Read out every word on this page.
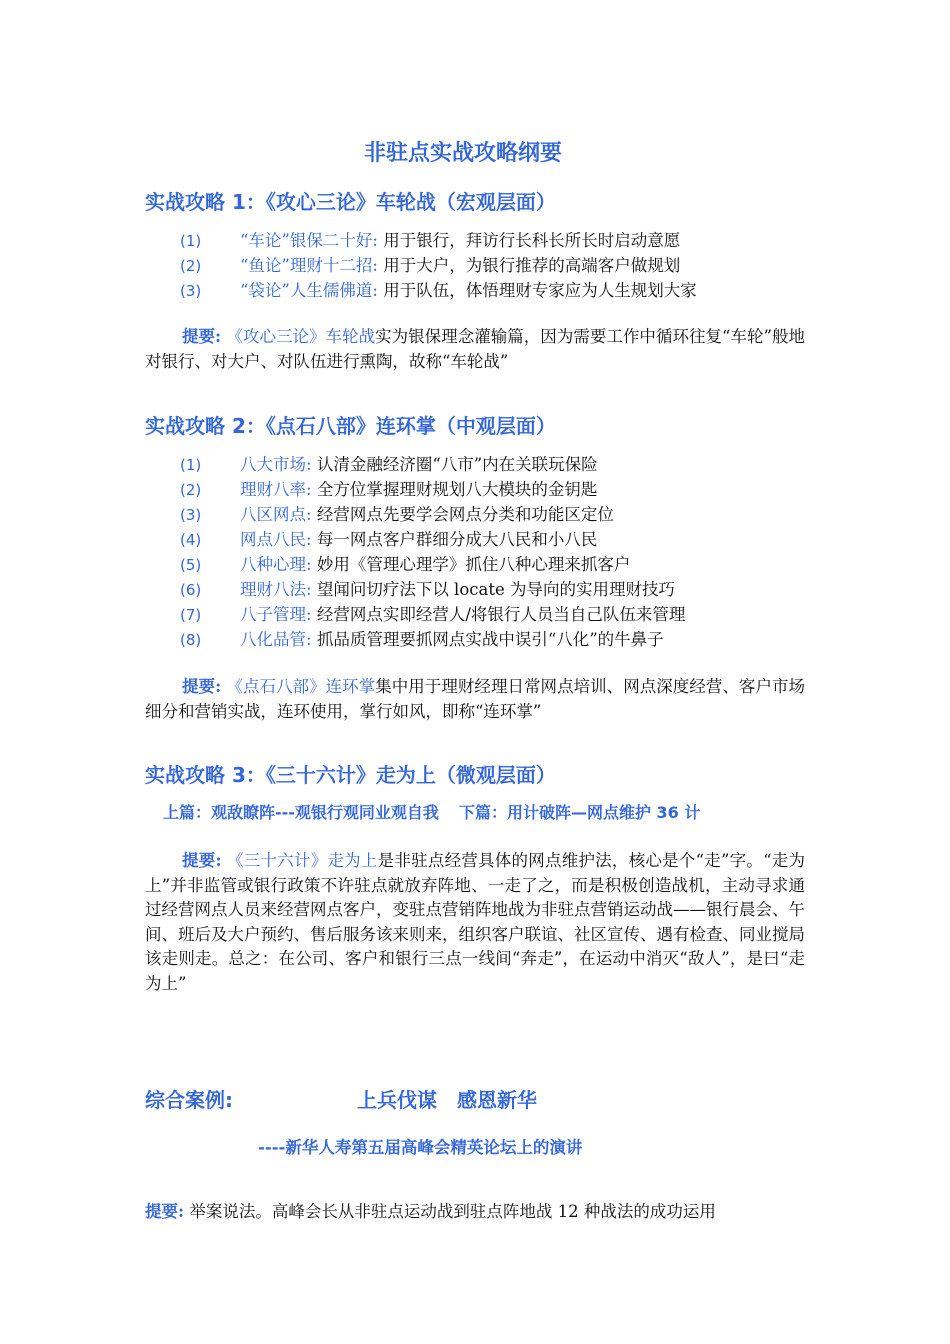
非驻点实战攻略纲要
实战攻略 1：《攻心三论》车轮战（宏观层面）
(1) “车论”银保二十好: 用于银行，拜访行长科长所长时启动意愿
(2) “鱼论”理财十二招: 用于大户，为银行推荐的高端客户做规划
(3) “袋论”人生儒佛道: 用于队伍，体悟理财专家应为人生规划大家
提要: 《攻心三论》车轮战实为银保理念灌输篇，因为需要工作中循环往复“车轮”般地对银行、对大户、对队伍进行熏陶，故称“车轮战”
实战攻略 2：《点石八部》连环掌（中观层面）
(1) 八大市场: 认清金融经济圈“八市”内在关联玩保险
(2) 理财八率: 全方位掌握理财规划八大模块的金钥匙
(3) 八区网点: 经营网点先要学会网点分类和功能区定位
(4) 网点八民: 每一网点客户群细分成大八民和小八民
(5) 八种心理: 妙用《管理心理学》抓住八种心理来抓客户
(6) 理财八法: 望闻问切疗法下以 locate 为导向的实用理财技巧
(7) 八子管理: 经营网点实即经营人/将银行人员当自己队伍来管理
(8) 八化品管: 抓品质管理要抓网点实战中误引“八化”的牛鼻子
提要: 《点石八部》连环掌集中用于理财经理日常网点培训、网点深度经营、客户市场细分和营销实战，连环使用，掌行如风，即称“连环掌”
实战攻略 3：《三十六计》走为上（微观层面）
上篇：观敌瞭阵---观银行观同业观自我 下篇：用计破阵—网点维护 36 计
提要: 《三十六计》走为上是非驻点经营具体的网点维护法，核心是个“走”字。“走为上”并非监管或银行政策不许驻点就放弃阵地、一走了之，而是积极创造战机，主动寻求通过经营网点人员来经营网点客户，变驻点营销阵地战为非驻点营销运动战——银行晨会、午间、班后及大户预约、售后服务该来则来，组织客户联谊、社区宣传、遇有检查、同业搅局该走则走。总之：在公司、客户和银行三点一线间“奔走”，在运动中消灭“敌人”，是曰“走为上”
综合案例:	上兵伐谋　感恩新华
----新华人寿第五届高峰会精英论坛上的演讲
提要: 举案说法。高峰会长从非驻点运动战到驻点阵地战 12 种战法的成功运用
